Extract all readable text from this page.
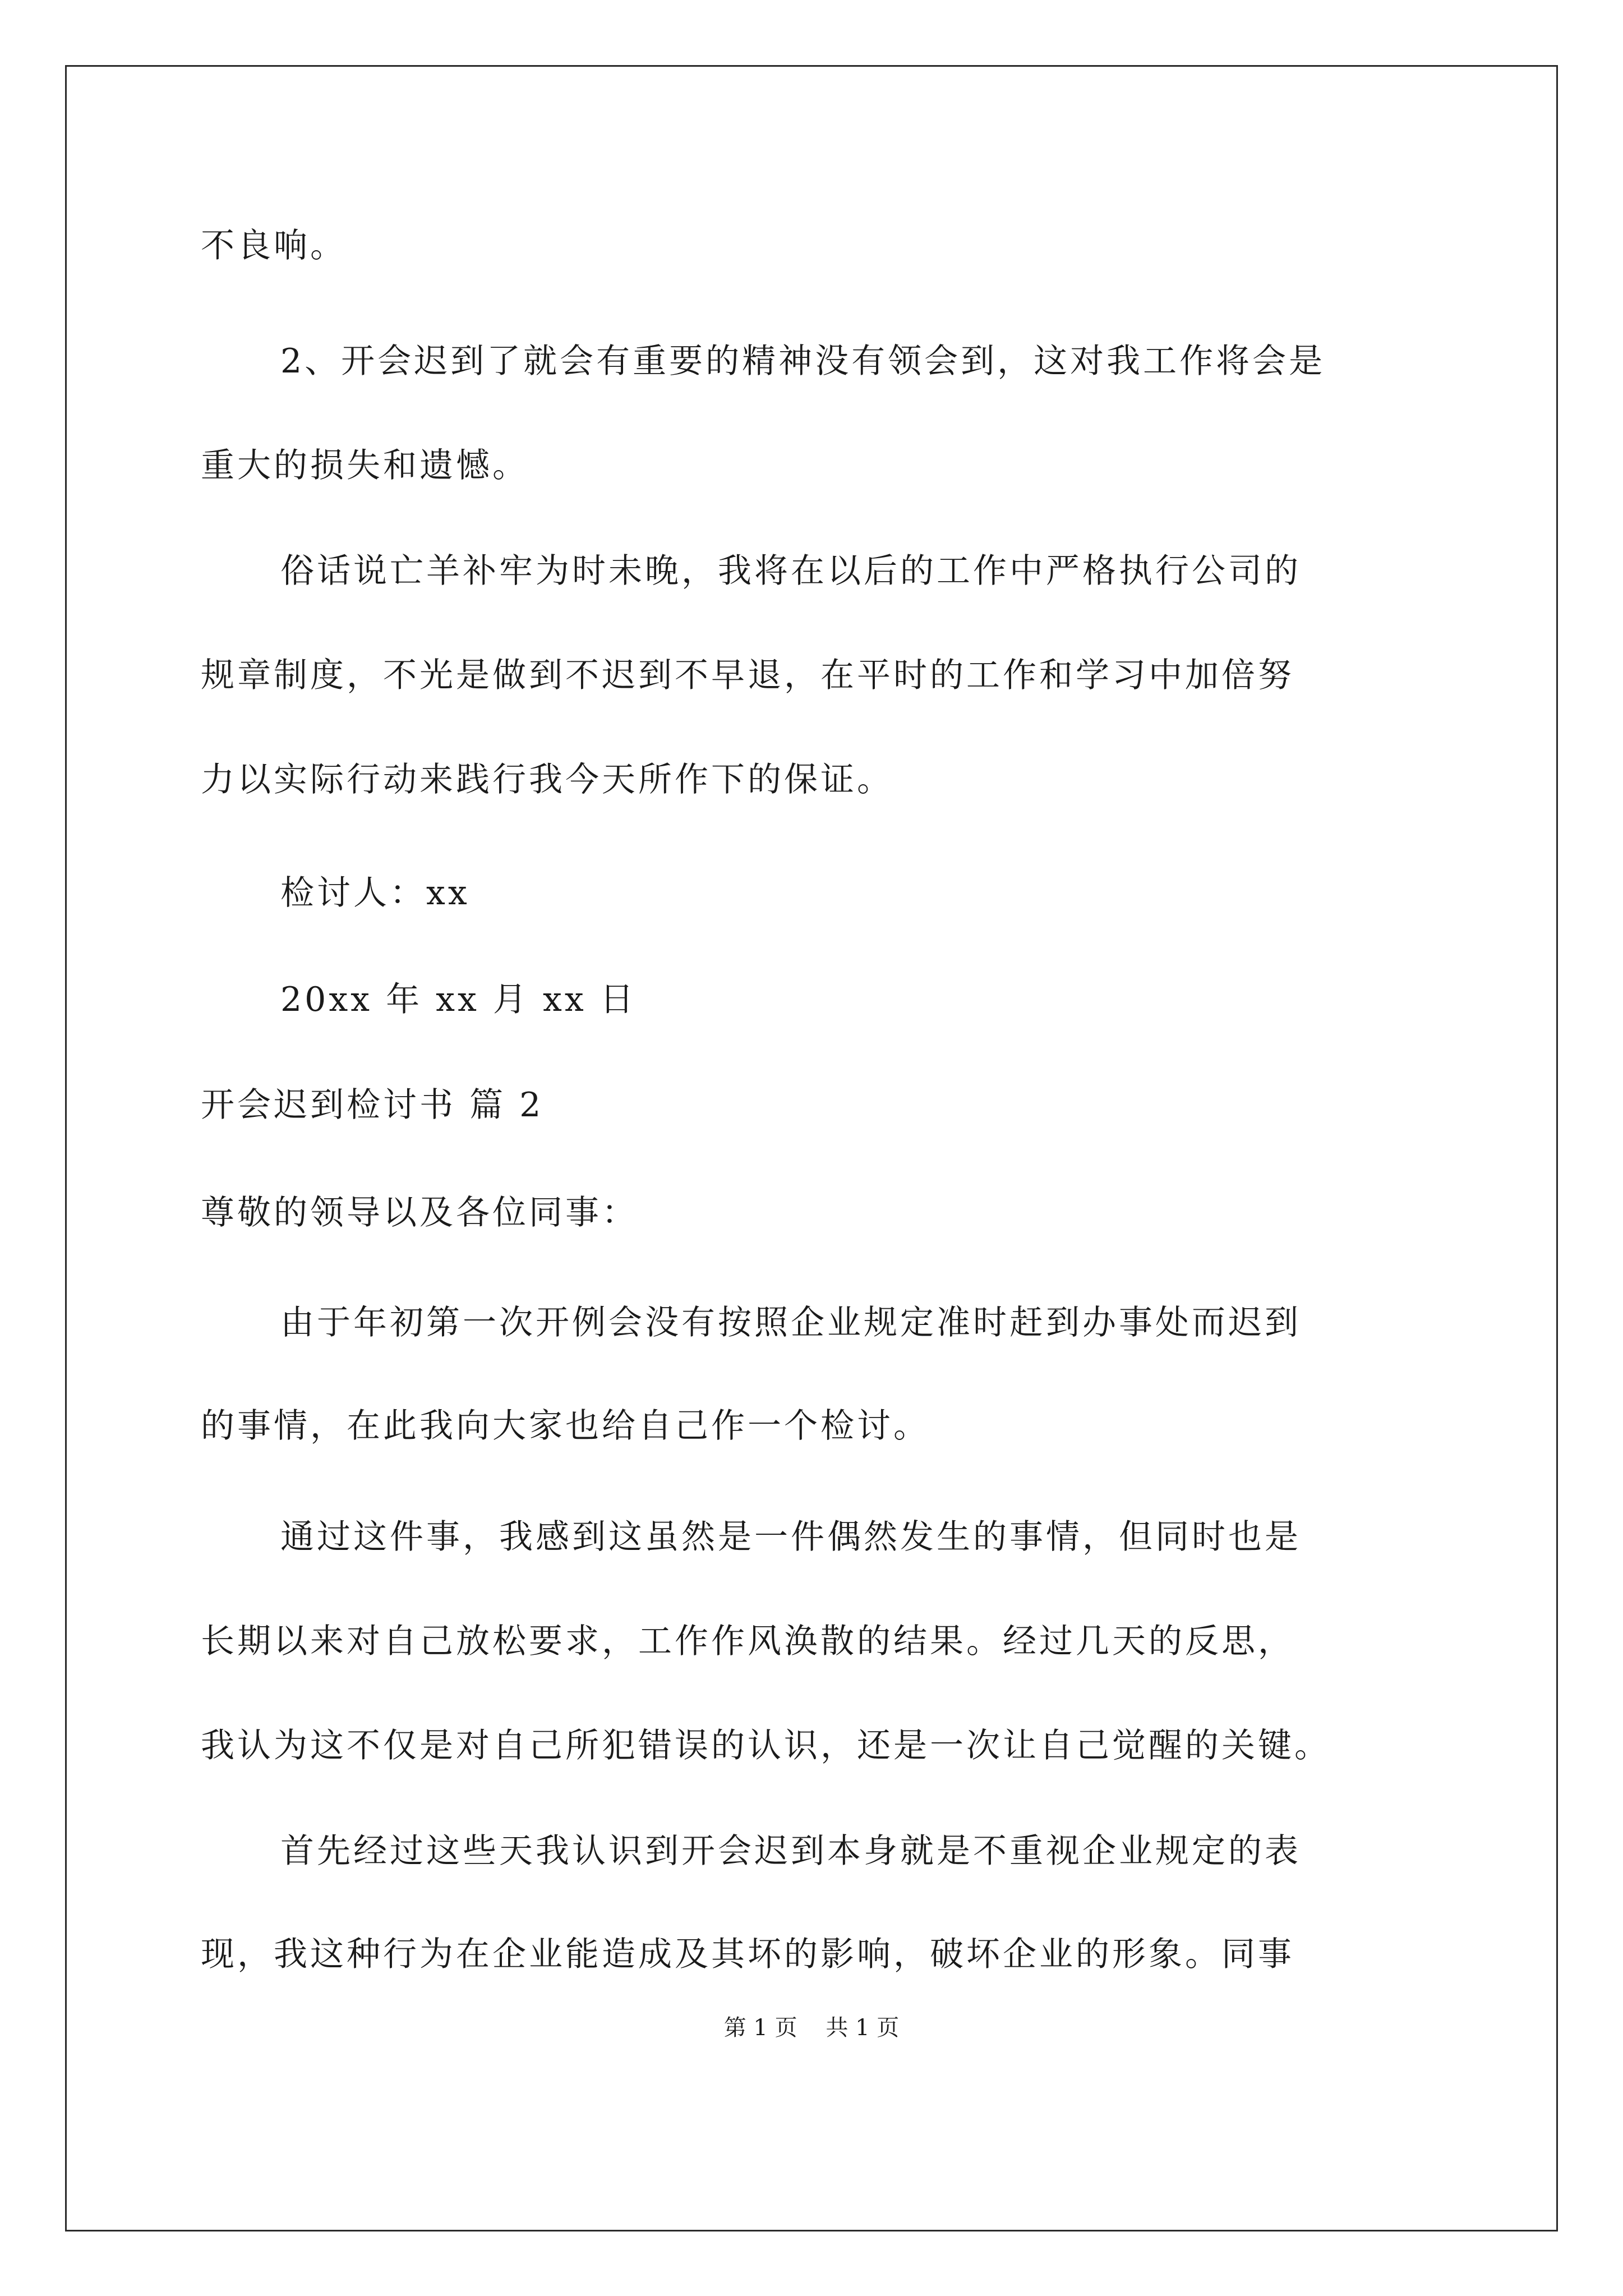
不良响。
2、开会迟到了就会有重要的精神没有领会到，这对我工作将会是
重大的损失和遗憾。
俗话说亡羊补牢为时未晚，我将在以后的工作中严格执行公司的
规章制度，不光是做到不迟到不早退，在平时的工作和学习中加倍努
力以实际行动来践行我今天所作下的保证。
检讨人：xx
20xx 年 xx 月 xx 日
开会迟到检讨书 篇 2
尊敬的领导以及各位同事：
由于年初第一次开例会没有按照企业规定准时赶到办事处而迟到
的事情，在此我向大家也给自己作一个检讨。
通过这件事，我感到这虽然是一件偶然发生的事情，但同时也是
长期以来对自己放松要求，工作作风涣散的结果。经过几天的反思，
我认为这不仅是对自己所犯错误的认识，还是一次让自己觉醒的关键。
首先经过这些天我认识到开会迟到本身就是不重视企业规定的表
现，我这种行为在企业能造成及其坏的影响，破坏企业的形象。同事
第 1 页    共 1 页
